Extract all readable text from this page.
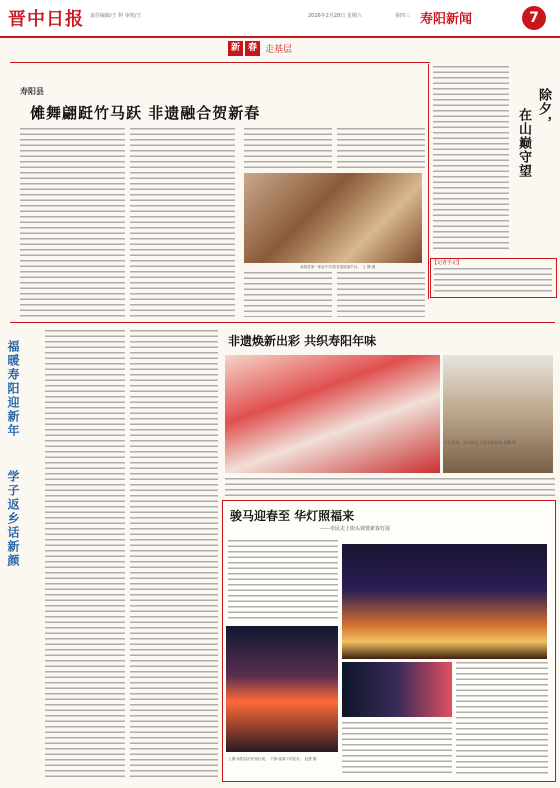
晋中日报 责任编辑/王 婷 审校/王	2026年2月28日 星期六	第四三 寿阳新闻	7
新 春 走基层
寿阳县
傩舞翩跹竹马跃 非遗融合贺新春
寿阳县第一职业中学校非遗展演节目。 王 静 摄
除夕，
在山巅守望
【记者手记】
福暖寿阳迎新年
学子返乡话新颜
非遗焕新出彩 共织寿阳年味
火红剪纸、灵动窗花,尽显寿阳年味 杨馨 摄
骏马迎春至 华灯照福来
——市民走上街头观赏新春灯展
上图:寿阳县市民逛灯展。 下图:夜幕下的花灯。 赵慧 摄
